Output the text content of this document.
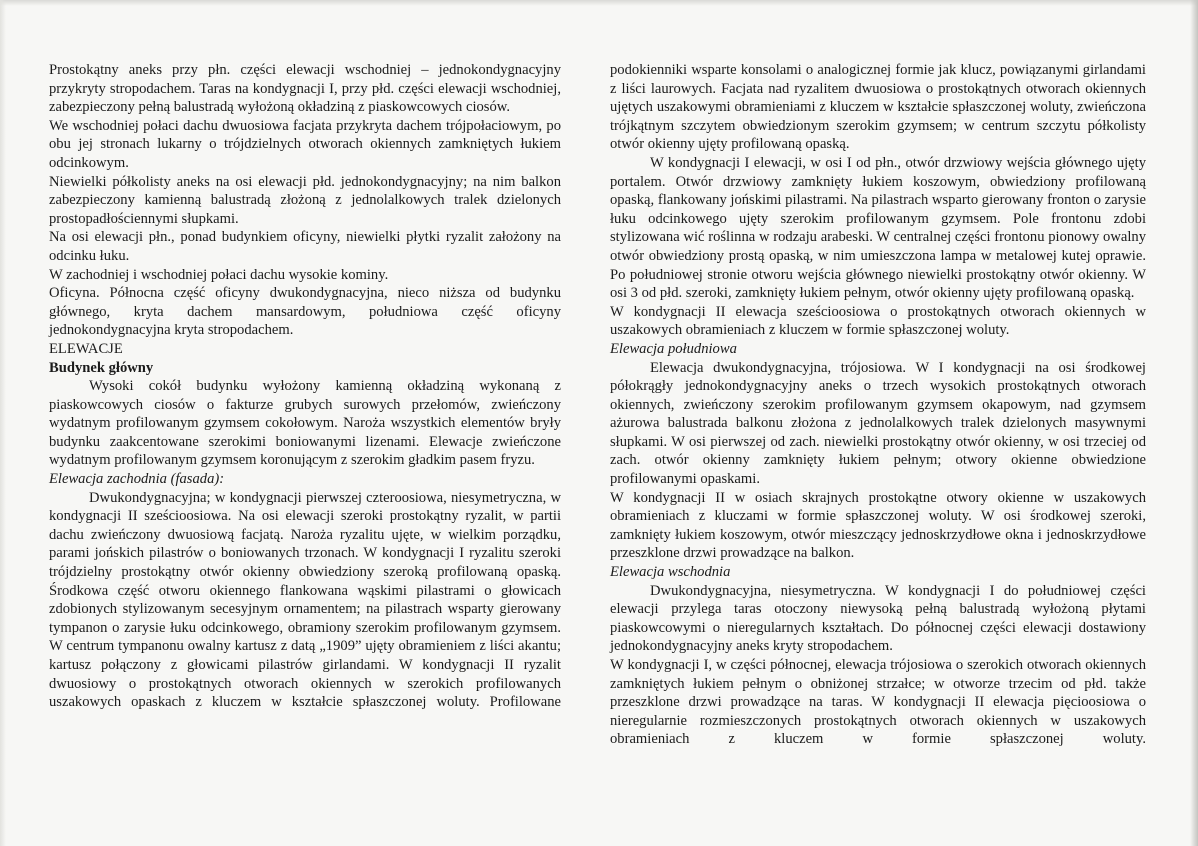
Prostokątny aneks przy płn. części elewacji wschodniej – jednokondygnacyjny przykryty stropodachem. Taras na kondygnacji I, przy płd. części elewacji wschodniej, zabezpieczony pełną balustradą wyłożoną okładziną z piaskowcowych ciosów.

We wschodniej połaci dachu dwuosiowa facjata przykryta dachem trójpołaciowym, po obu jej stronach lukarny o trójdzielnych otworach okiennych zamkniętych łukiem odcinkowym.

Niewielki półkolisty aneks na osi elewacji płd. jednokondygnacyjny; na nim balkon zabezpieczony kamienną balustradą złożoną z jednolalkowych tralek dzielonych prostopadłościennymi słupkami.

Na osi elewacji płn., ponad budynkiem oficyny, niewielki płytki ryzalit założony na odcinku łuku.

W zachodniej i wschodniej połaci dachu wysokie kominy.

Oficyna. Północna część oficyny dwukondygnacyjna, nieco niższa od budynku głównego, kryta dachem mansardowym, południowa część oficyny jednokondygnacyjna kryta stropodachem.

ELEWACJE

Budynek główny

Wysoki cokół budynku wyłożony kamienną okładziną wykonaną z piaskowcowych ciosów o fakturze grubych surowych przełomów, zwieńczony wydatnym profilowanym gzymsem cokołowym. Naroża wszystkich elementów bryły budynku zaakcentowane szerokimi boniowanymi lizenami. Elewacje zwieńczone wydatnym profilowanym gzymsem koronującym z szerokim gładkim pasem fryzu.

Elewacja zachodnia (fasada):

Dwukondygnacyjna; w kondygnacji pierwszej czteroosiowa, niesymetryczna, w kondygnacji II sześcioosiowa. Na osi elewacji szeroki prostokątny ryzalit, w partii dachu zwieńczony dwuosiową facjatą. Naroża ryzalitu ujęte, w wielkim porządku, parami jońskich pilastrów o boniowanych trzonach. W kondygnacji I ryzalitu szeroki trójdzielny prostokątny otwór okienny obwiedziony szeroką profilowaną opaską. Środkowa część otworu okiennego flankowana wąskimi pilastrami o głowicach zdobionych stylizowanym secesyjnym ornamentem; na pilastrach wsparty gierowany tympanon o zarysie łuku odcinkowego, obramiony szerokim profilowanym gzymsem. W centrum tympanonu owalny kartusz z datą „1909” ujęty obramieniem z liści akantu; kartusz połączony z głowicami pilastrów girlandami. W kondygnacji II ryzalit dwuosiowy o prostokątnych otworach okiennych w szerokich profilowanych uszakowych opaskach z kluczem w kształcie spłaszczonej woluty. Profilowane

podokienniki wsparte konsolami o analogicznej formie jak klucz, powiązanymi girlandami z liści laurowych. Facjata nad ryzalitem dwuosiowa o prostokątnych otworach okiennych ujętych uszakowymi obramieniami z kluczem w kształcie spłaszczonej woluty, zwieńczona trójkątnym szczytem obwiedzionym szerokim gzymsem; w centrum szczytu półkolisty otwór okienny ujęty profilowaną opaską.

W kondygnacji I elewacji, w osi I od płn., otwór drzwiowy wejścia głównego ujęty portalem. Otwór drzwiowy zamknięty łukiem koszowym, obwiedziony profilowaną opaską, flankowany jońskimi pilastrami. Na pilastrach wsparto gierowany fronton o zarysie łuku odcinkowego ujęty szerokim profilowanym gzymsem. Pole frontonu zdobi stylizowana wić roślinna w rodzaju arabeski. W centralnej części frontonu pionowy owalny otwór obwiedziony prostą opaską, w nim umieszczona lampa w metalowej kutej oprawie. Po południowej stronie otworu wejścia głównego niewielki prostokątny otwór okienny. W osi 3 od płd. szeroki, zamknięty łukiem pełnym, otwór okienny ujęty profilowaną opaską.

W kondygnacji II elewacja sześcioosiowa o prostokątnych otworach okiennych w uszakowych obramieniach z kluczem w formie spłaszczonej woluty.

Elewacja południowa

Elewacja dwukondygnacyjna, trójosiowa. W I kondygnacji na osi środkowej półokrągły jednokondygnacyjny aneks o trzech wysokich prostokątnych otworach okiennych, zwieńczony szerokim profilowanym gzymsem okapowym, nad gzymsem ażurowa balustrada balkonu złożona z jednolalkowych tralek dzielonych masywnymi słupkami. W osi pierwszej od zach. niewielki prostokątny otwór okienny, w osi trzeciej od zach. otwór okienny zamknięty łukiem pełnym; otwory okienne obwiedzione profilowanymi opaskami.

W kondygnacji II w osiach skrajnych prostokątne otwory okienne w uszakowych obramieniach z kluczami w formie spłaszczonej woluty. W osi środkowej szeroki, zamknięty łukiem koszowym, otwór mieszczący jednoskrzydłowe okna i jednoskrzydłowe przeszklone drzwi prowadzące na balkon.

Elewacja wschodnia

Dwukondygnacyjna, niesymetryczna. W kondygnacji I do południowej części elewacji przylega taras otoczony niewysoką pełną balustradą wyłożoną płytami piaskowcowymi o nieregularnych kształtach. Do północnej części elewacji dostawiony jednokondygnacyjny aneks kryty stropodachem.

W kondygnacji I, w części północnej, elewacja trójosiowa o szerokich otworach okiennych zamkniętych łukiem pełnym o obniżonej strzałce; w otworze trzecim od płd. także przeszklone drzwi prowadzące na taras. W kondygnacji II elewacja pięcioosiowa o nieregularnie rozmieszczonych prostokątnych otworach okiennych w uszakowych obramieniach z kluczem w formie spłaszczonej woluty.
